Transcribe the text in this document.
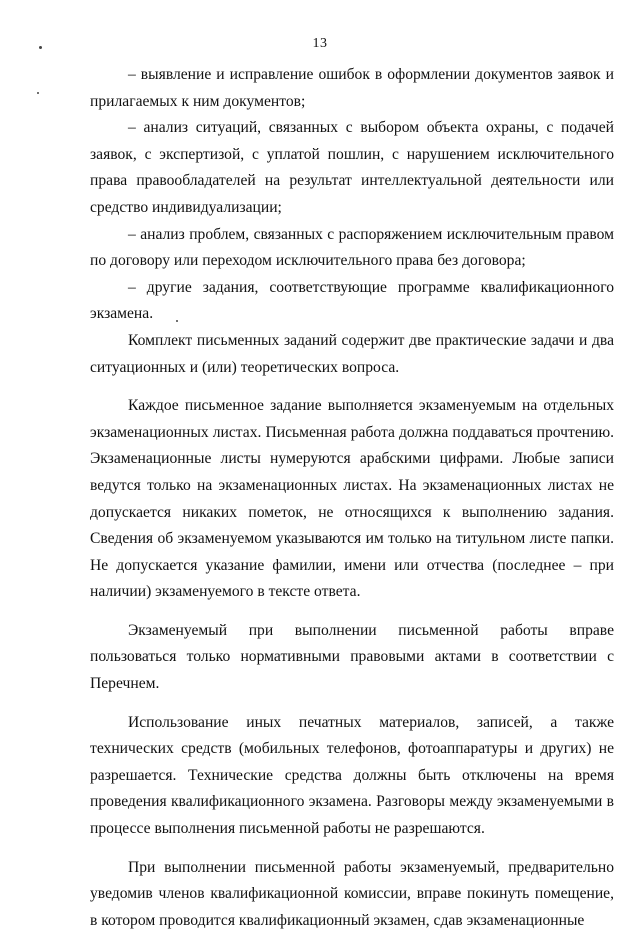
13

– выявление и исправление ошибок в оформлении документов заявок и прилагаемых к ним документов;

– анализ ситуаций, связанных с выбором объекта охраны, с подачей заявок, с экспертизой, с уплатой пошлин, с нарушением исключительного права правообладателей на результат интеллектуальной деятельности или средство индивидуализации;

– анализ проблем, связанных с распоряжением исключительным правом по договору или переходом исключительного права без договора;

– другие задания, соответствующие программе квалификационного экзамена.

Комплект письменных заданий содержит две практические задачи и два ситуационных и (или) теоретических вопроса.

Каждое письменное задание выполняется экзаменуемым на отдельных экзаменационных листах. Письменная работа должна поддаваться прочтению. Экзаменационные листы нумеруются арабскими цифрами. Любые записи ведутся только на экзаменационных листах. На экзаменационных листах не допускается никаких пометок, не относящихся к выполнению задания. Сведения об экзаменуемом указываются им только на титульном листе папки. Не допускается указание фамилии, имени или отчества (последнее – при наличии) экзаменуемого в тексте ответа.

Экзаменуемый при выполнении письменной работы вправе пользоваться только нормативными правовыми актами в соответствии с Перечнем.

Использование иных печатных материалов, записей, а также технических средств (мобильных телефонов, фотоаппаратуры и других) не разрешается. Технические средства должны быть отключены на время проведения квалификационного экзамена. Разговоры между экзаменуемыми в процессе выполнения письменной работы не разрешаются.

При выполнении письменной работы экзаменуемый, предварительно уведомив членов квалификационной комиссии, вправе покинуть помещение, в котором проводится квалификационный экзамен, сдав экзаменационные
